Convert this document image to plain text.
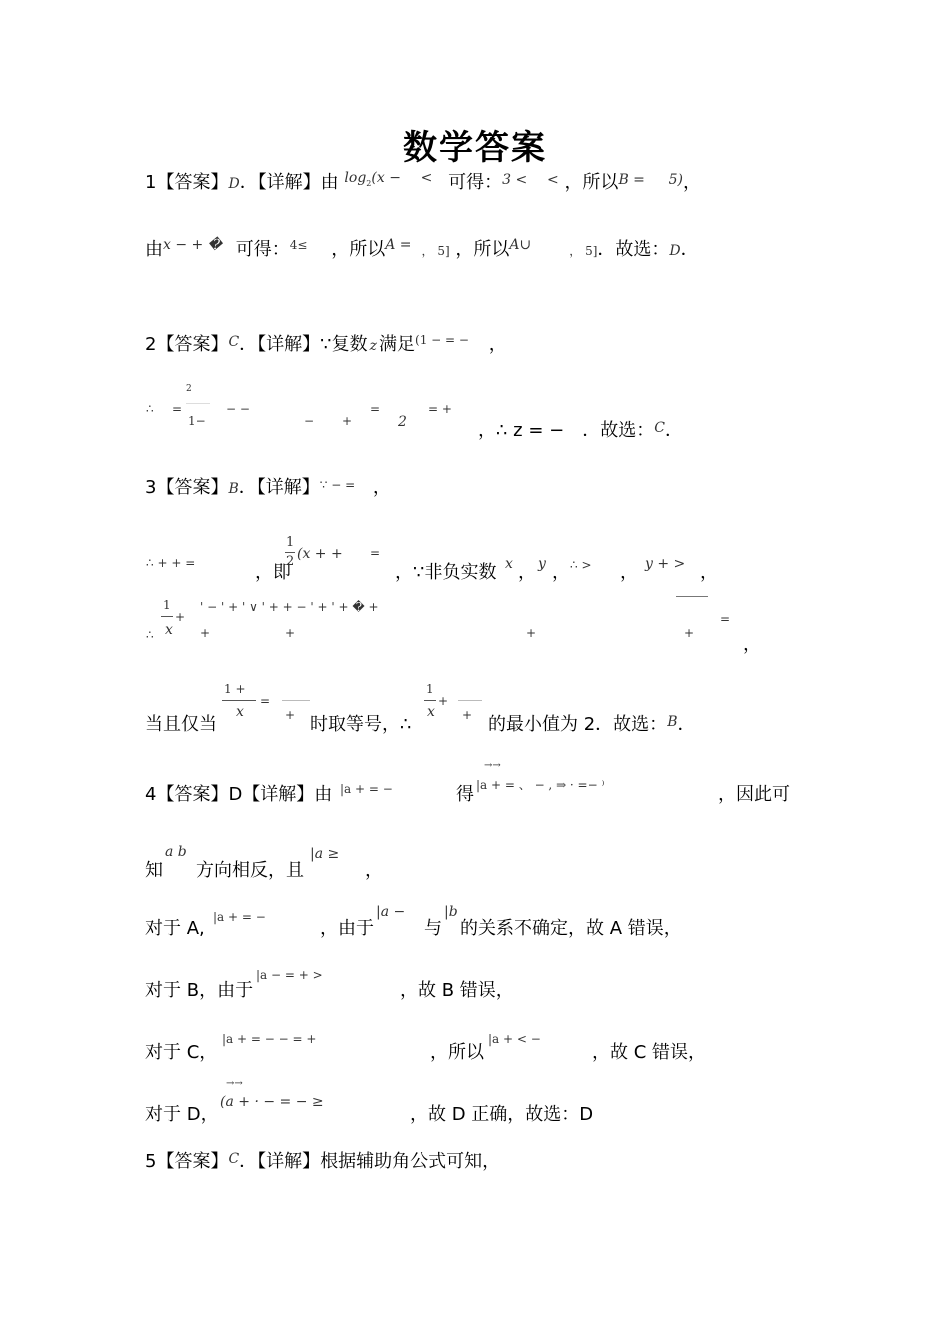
数学答案
1【答案】D．【详解】由 $^{log}2^{(x -}$ < 可得：$^{3 <}$ < ，所以$^{B =}$ $^{5)}$，
由$^{x - + �}$ 可得：$^{4\le}$ ，所以$^{A =}$ ， 5] ，所以$^{A\cup}$	， 5]．故选：D．
2【答案】$^C$．【详解】∵复数 z 满足$^{(1 - = -}$ ，
∴ =
2
1−
− −
− +
=
2
= +
，∴ z = − ．故选：$^C$．
3【答案】B．【详解】∵ − = ，
∴ + + =	，即
1
2 (x + + =
，∵非负实数 x ， y ， ∴ > ， y + > ，
∴
1
x
+
' − ' + ' ∨ ' + + − ' + ' + � +
+	+	+	+
=
，
当且仅当
1 +
x
=
+ 时取等号，∴
1
x
+
+ 的最小值为 2．故选：$^B$．
4【答案】D【详解】由 |a + = −	得
→→
|a + = 、 − , ⇒ · =− ⁾	，因此可
知
a b
方向相反，且
|a ≥
，
对于 A,
|a + = −
，由于
|a −
与
|b
的关系不确定，故 A 错误，
对于 B，由于
|a − = + >
，故 B 错误，
对于 C，
|a + = − − = +
，所以
|a + < −
，故 C 错误，
对于 D，
→→
(a + · − = − ≥
，故 D 正确，故选：D
5【答案】$^C$．【详解】根据辅助角公式可知，
